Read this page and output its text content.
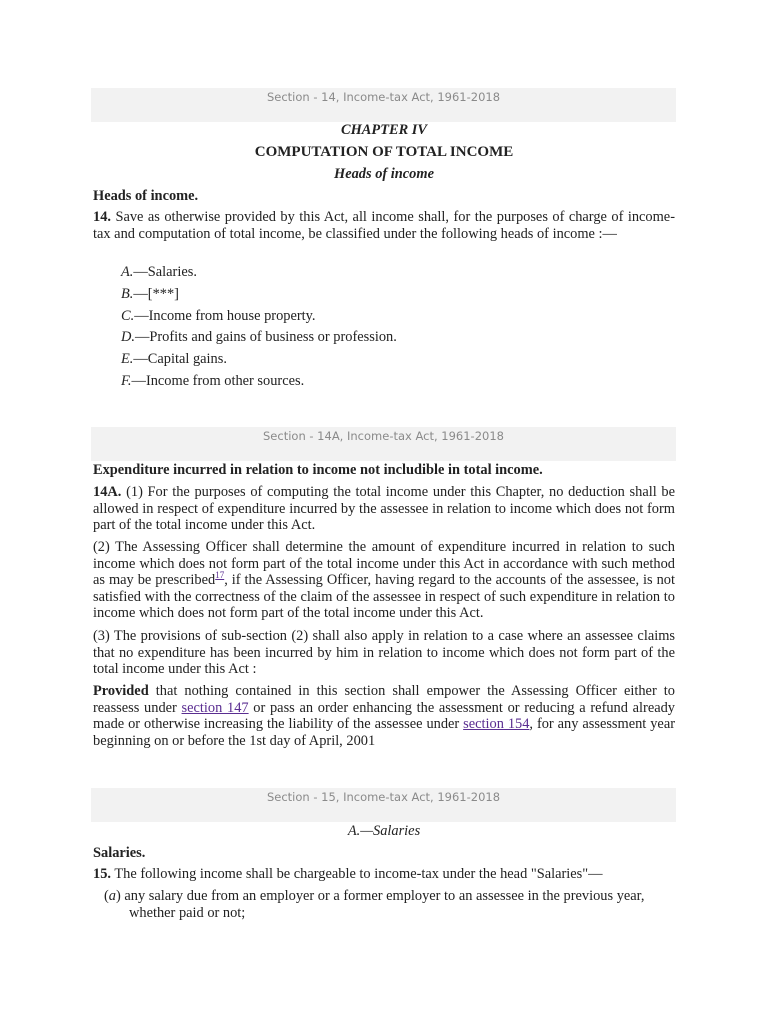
Section - 14, Income-tax Act, 1961-2018
CHAPTER IV
COMPUTATION OF TOTAL INCOME
Heads of income
Heads of income.
14. Save as otherwise provided by this Act, all income shall, for the purposes of charge of income-tax and computation of total income, be classified under the following heads of income :—
A.—Salaries.
B.—[***]
C.—Income from house property.
D.—Profits and gains of business or profession.
E.—Capital gains.
F.—Income from other sources.
Section - 14A, Income-tax Act, 1961-2018
Expenditure incurred in relation to income not includible in total income.
14A. (1) For the purposes of computing the total income under this Chapter, no deduction shall be allowed in respect of expenditure incurred by the assessee in relation to income which does not form part of the total income under this Act.
(2) The Assessing Officer shall determine the amount of expenditure incurred in relation to such income which does not form part of the total income under this Act in accordance with such method as may be prescribed$^{17}$, if the Assessing Officer, having regard to the accounts of the assessee, is not satisfied with the correctness of the claim of the assessee in respect of such expenditure in relation to income which does not form part of the total income under this Act.
(3) The provisions of sub-section (2) shall also apply in relation to a case where an assessee claims that no expenditure has been incurred by him in relation to income which does not form part of the total income under this Act :
Provided that nothing contained in this section shall empower the Assessing Officer either to reassess under section 147 or pass an order enhancing the assessment or reducing a refund already made or otherwise increasing the liability of the assessee under section 154, for any assessment year beginning on or before the 1st day of April, 2001
Section - 15, Income-tax Act, 1961-2018
A.—Salaries
Salaries.
15. The following income shall be chargeable to income-tax under the head "Salaries"—
(a) any salary due from an employer or a former employer to an assessee in the previous year,
whether paid or not;
